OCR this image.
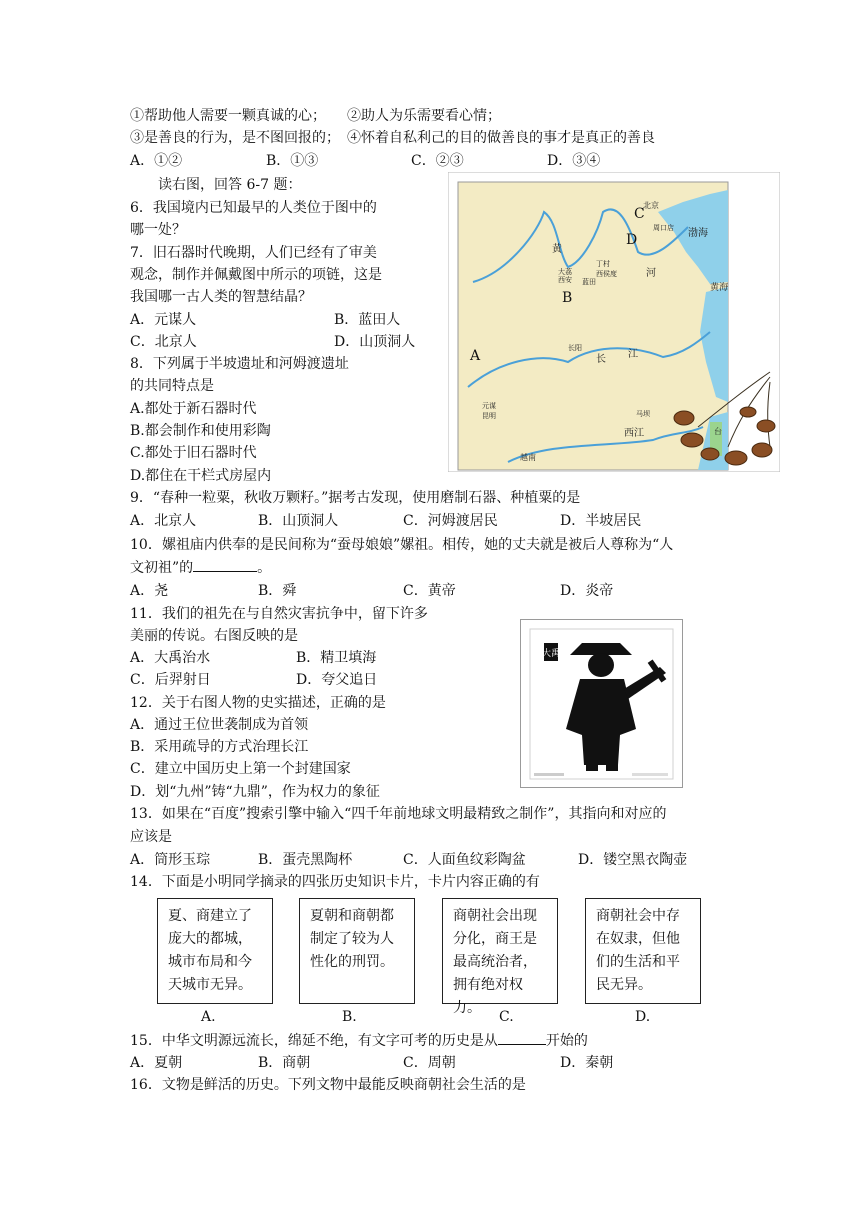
①帮助他人需要一颗真诚的心；　　②助人为乐需要看心情；
③是善良的行为，是不图回报的；　④怀着自私利己的目的做善良的事才是真正的善良
A．①②	B．①③	C．②③	D．③④
读右图，回答 6-7 题：
6．我国境内已知最早的人类位于图中的
哪一处？
7．旧石器时代晚期，人们已经有了审美
观念，制作并佩戴图中所示的项链，这是
我国哪一古人类的智慧结晶？
A．元谋人	B．蓝田人
C．北京人	D．山顶洞人
8．下列属于半坡遗址和河姆渡遗址
的共同特点是
A.都处于新石器时代
B.都会制作和使用彩陶
C.都处于旧石器时代
D.都住在干栏式房屋内
9．“春种一粒粟，秋收万颗籽。”据考古发现，使用磨制石器、种植粟的是
A．北京人	B．山顶洞人	C．河姆渡居民	D．半坡居民
10．嫘祖庙内供奉的是民间称为“蚕母娘娘”嫘祖。相传，她的丈夫就是被后人尊称为“人
文初祖”的	。
A．尧	B．舜	C．黄帝	D．炎帝
11．我们的祖先在与自然灾害抗争中，留下许多
美丽的传说。右图反映的是
A．大禹治水	B．精卫填海
C．后羿射日	D．夸父追日
12．关于右图人物的史实描述，正确的是
A．通过王位世袭制成为首领
B．采用疏导的方式治理长江
C．建立中国历史上第一个封建国家
D．划“九州”铸“九鼎”，作为权力的象征
13．如果在“百度”搜索引擎中输入“四千年前地球文明最精致之制作”，其指向和对应的
应该是
A．筒形玉琮	B．蛋壳黑陶杯	C．人面鱼纹彩陶盆	D．镂空黑衣陶壶
14．下面是小明同学摘录的四张历史知识卡片，卡片内容正确的有
夏、商建立了庞大的都城，城市布局和今天城市无异。
夏朝和商朝都制定了较为人性化的刑罚。
商朝社会出现分化，商王是最高统治者，拥有绝对权力。
商朝社会中存在奴隶，但他们的生活和平民无异。
A.	B.	C.	D.
15．中华文明源远流长，绵延不绝，有文字可考的历史是从	开始的
A．夏朝	B．商朝	C．周朝	D．秦朝
16．文物是鲜活的历史。下列文物中最能反映商朝社会生活的是
北京
周口店 渤海
黄
河
大荔
丁村
西侯度
蓝田
西安
黄海
长阳
长 江
元谋
昆明	马坝
西江
越南
台
A
B
C
D
大禹
